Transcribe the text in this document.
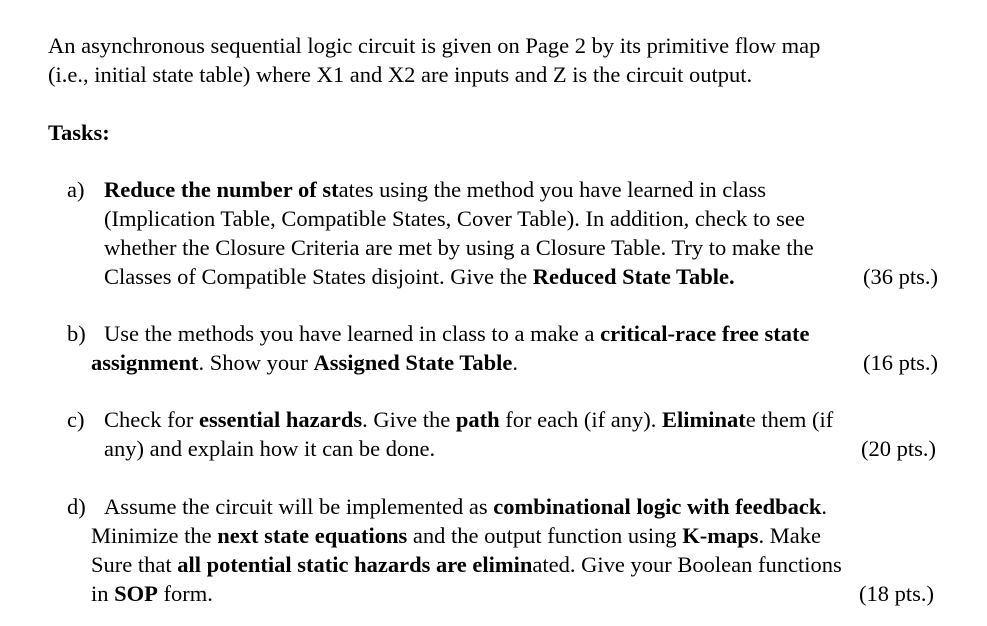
An asynchronous sequential logic circuit is given on Page 2 by its primitive flow map
(i.e., initial state table) where X1 and X2 are inputs and Z is the circuit output.
Tasks:
a) Reduce the number of states using the method you have learned in class
(Implication Table, Compatible States, Cover Table). In addition, check to see
whether the Closure Criteria are met by using a Closure Table. Try to make the
Classes of Compatible States disjoint. Give the Reduced State Table.	(36 pts.)
b) Use the methods you have learned in class to a make a critical-race free state
assignment. Show your Assigned State Table.	(16 pts.)
c) Check for essential hazards. Give the path for each (if any). Eliminate them (if
any) and explain how it can be done.	(20 pts.)
d) Assume the circuit will be implemented as combinational logic with feedback.
Minimize the next state equations and the output function using K-maps. Make
Sure that all potential static hazards are eliminated. Give your Boolean functions
in SOP form.	(18 pts.)
